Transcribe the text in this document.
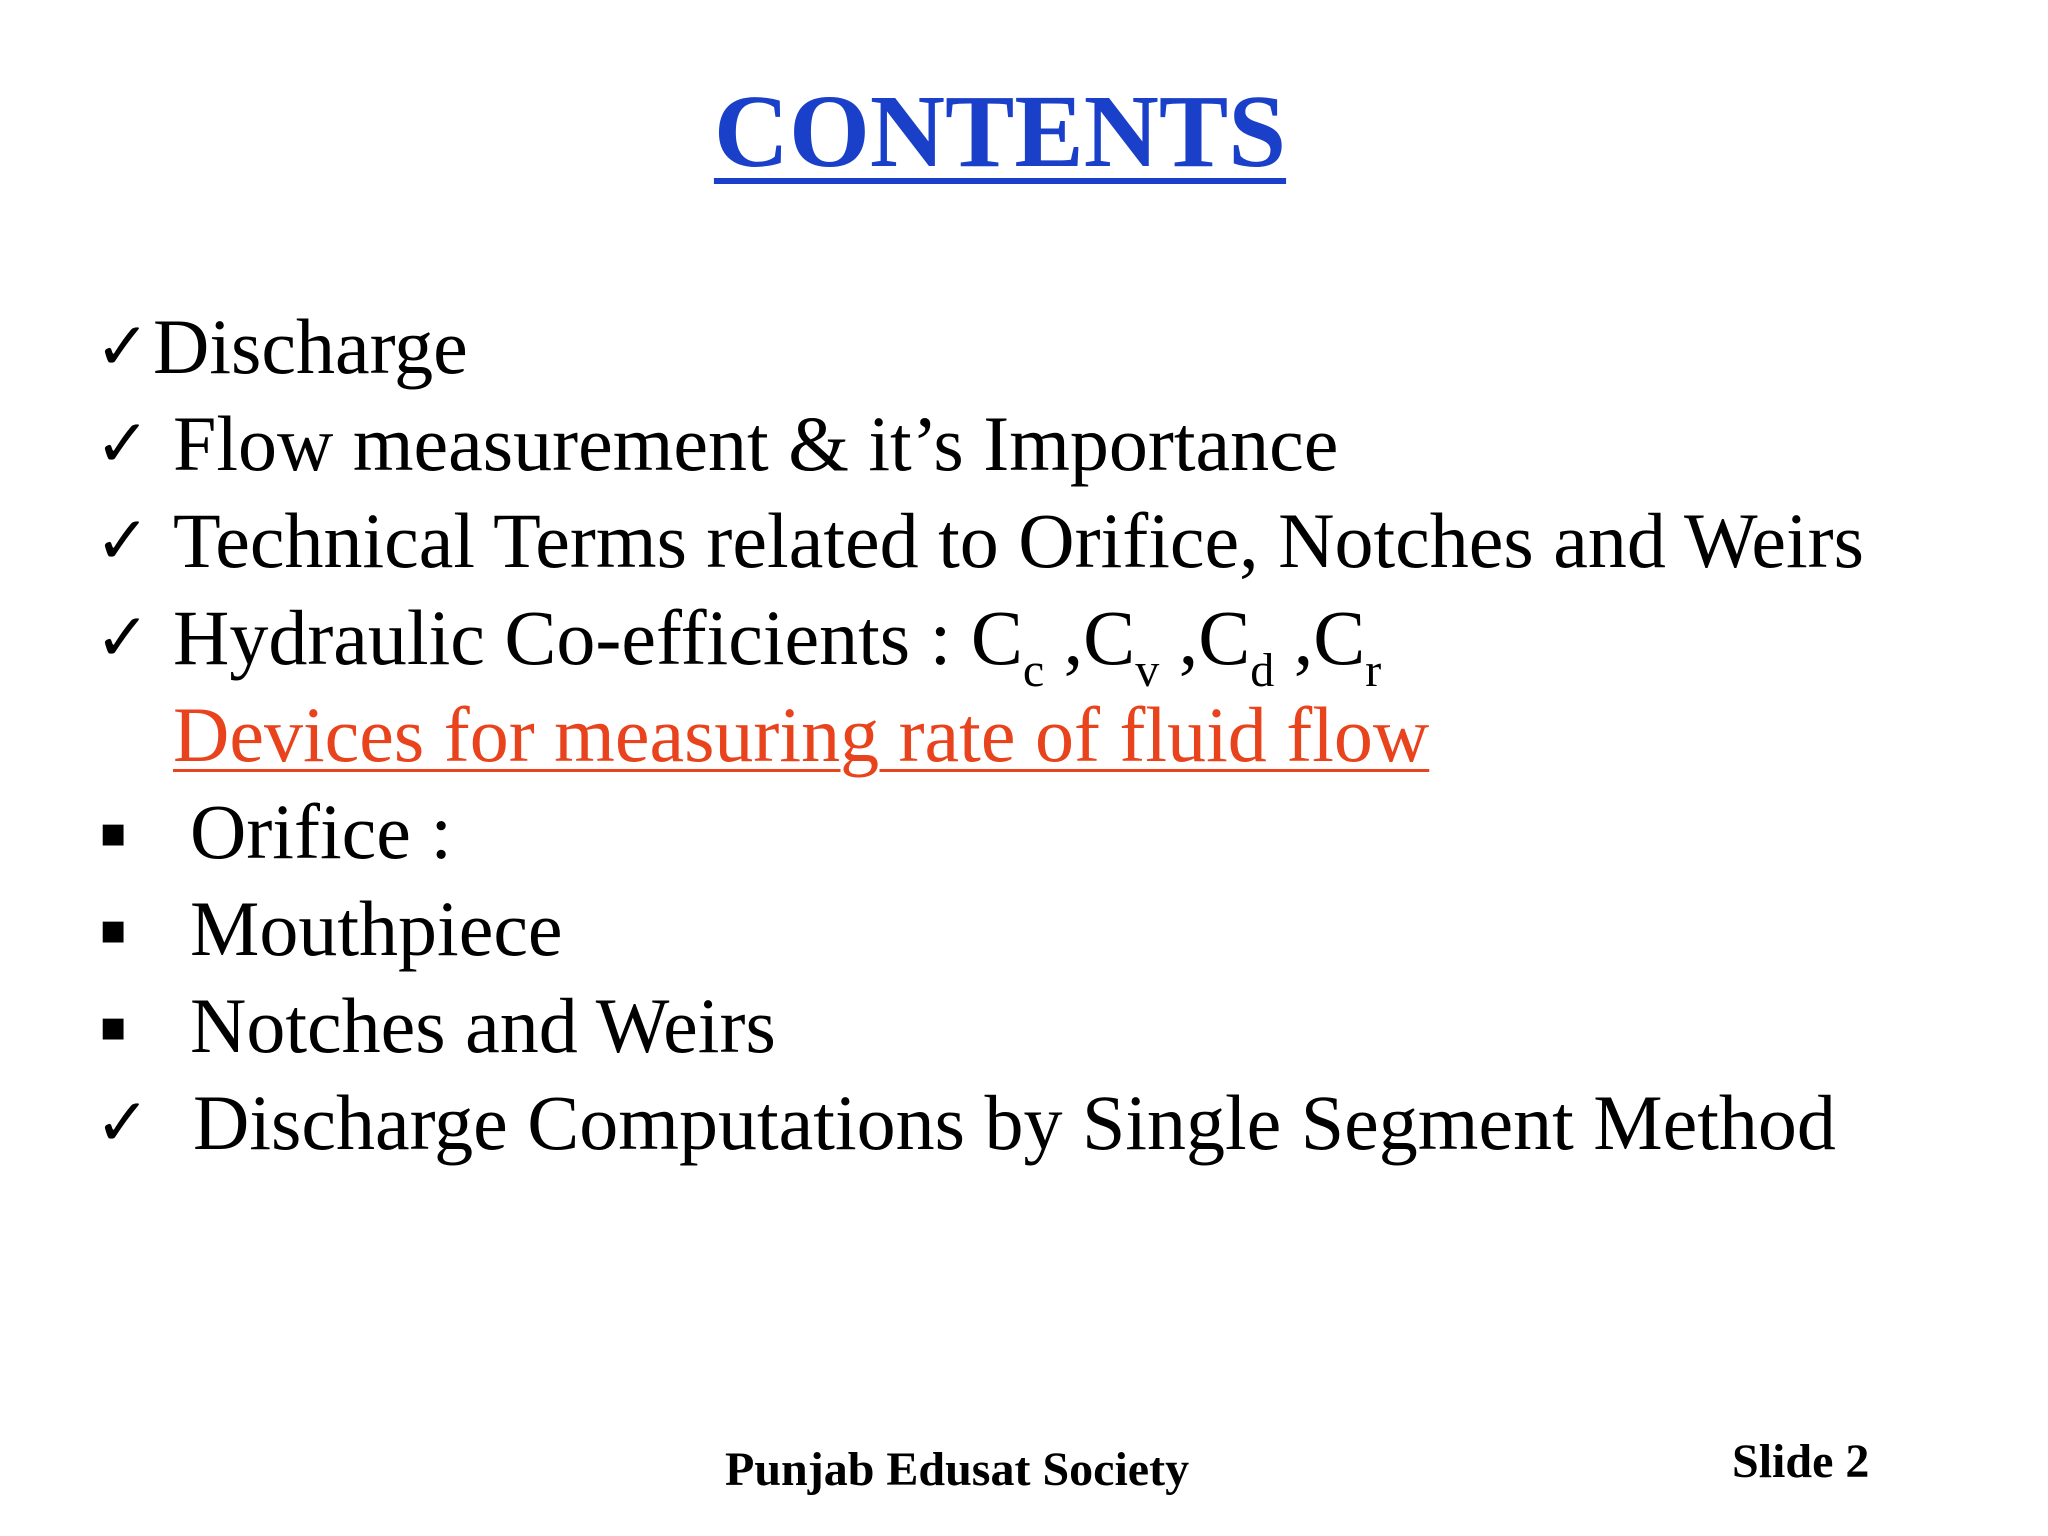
CONTENTS
✓Discharge
✓ Flow measurement & it’s Importance
✓ Technical Terms related to Orifice, Notches and Weirs
✓ Hydraulic Co-efficients : $C_c$ $,C_v$ $,C_d$ $,C_r$
Devices for measuring rate of fluid flow
▪ Orifice :
▪ Mouthpiece
▪ Notches and Weirs
✓ Discharge Computations by Single Segment Method
Punjab Edusat Society	Slide 2
